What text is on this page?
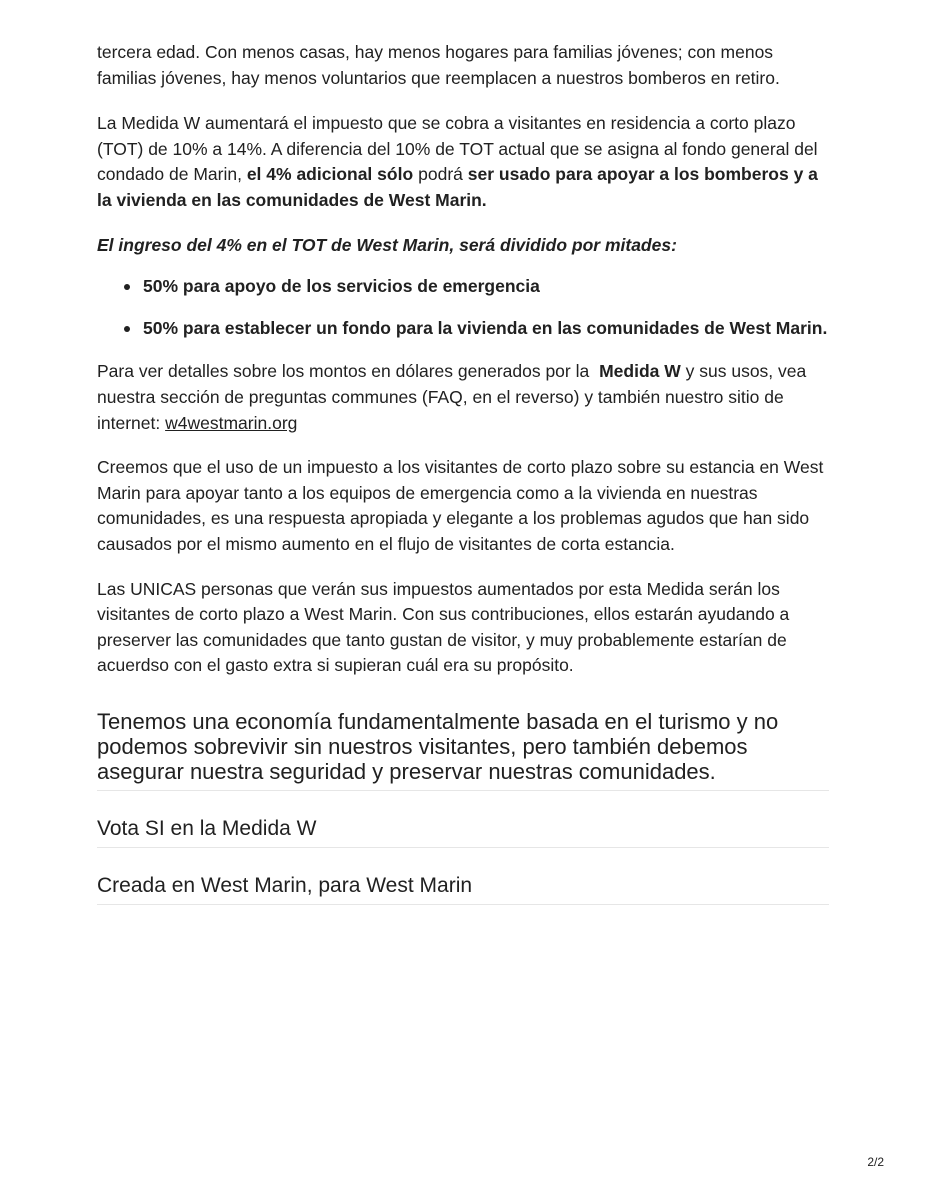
tercera edad. Con menos casas, hay menos hogares para familias jóvenes; con menos familias jóvenes, hay menos voluntarios que reemplacen a nuestros bomberos en retiro.

La Medida W aumentará el impuesto que se cobra a visitantes en residencia a corto plazo (TOT) de 10% a 14%. A diferencia del 10% de TOT actual que se asigna al fondo general del condado de Marin, el 4% adicional sólo podrá ser usado para apoyar a los bomberos y a la vivienda en las comunidades de West Marin.

El ingreso del 4% en el TOT de West Marin, será dividido por mitades:

50% para apoyo de los servicios de emergencia
50% para establecer un fondo para la vivienda en las comunidades de West Marin.

Para ver detalles sobre los montos en dólares generados por la Medida W y sus usos, vea nuestra sección de preguntas communes (FAQ, en el reverso) y también nuestro sitio de internet: w4westmarin.org

Creemos que el uso de un impuesto a los visitantes de corto plazo sobre su estancia en West Marin para apoyar tanto a los equipos de emergencia como a la vivienda en nuestras comunidades, es una respuesta apropiada y elegante a los problemas agudos que han sido causados por el mismo aumento en el flujo de visitantes de corta estancia.

Las UNICAS personas que verán sus impuestos aumentados por esta Medida serán los visitantes de corto plazo a West Marin. Con sus contribuciones, ellos estarán ayudando a preserver las comunidades que tanto gustan de visitor, y muy probablemente estarían de acuerdso con el gasto extra si supieran cuál era su propósito.

Tenemos una economía fundamentalmente basada en el turismo y no podemos sobrevivir sin nuestros visitantes, pero también debemos asegurar nuestra seguridad y preservar nuestras comunidades.
Vota SI en la Medida W
Creada en West Marin, para West Marin
2/2
